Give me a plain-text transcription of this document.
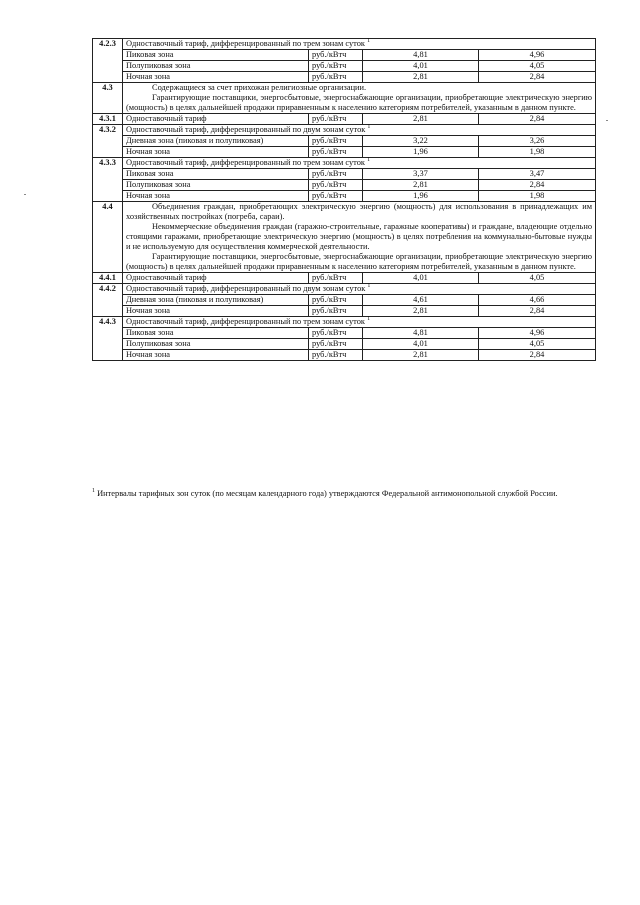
4.2.3	Одноставочный тариф, дифференцированный по трем зонам суток $^1$
	Пиковая зона	руб./кВтч	4,81	4,96
	Полупиковая зона	руб./кВтч	4,01	4,05
	Ночная зона	руб./кВтч	2,81	2,84
4.3	Содержащиеся за счет прихожан религиозные организации.

Гарантирующие поставщики, энергосбытовые, энергоснабжающие организации, приобретающие электрическую энергию (мощность) в целях дальнейшей продажи приравненным к населению категориям потребителей, указанным в данном пункте.			

4.3.1	Одноставочный тариф	руб./кВтч	2,81	2,84
4.3.2	Одноставочный тариф, дифференцированный по двум зонам суток $^1$
	Дневная зона (пиковая и полупиковая)	руб./кВтч	3,22	3,26
	Ночная зона	руб./кВтч	1,96	1,98
4.3.3	Одноставочный тариф, дифференцированный по трем зонам суток $^1$
	Пиковая зона	руб./кВтч	3,37	3,47
	Полупиковая зона	руб./кВтч	2,81	2,84
	Ночная зона	руб./кВтч	1,96	1,98
4.4	Объединения граждан, приобретающих электрическую энергию (мощность) для использования в принадлежащих им хозяйственных постройках (погреба, сараи).

Некоммерческие объединения граждан (гаражно-строительные, гаражные кооперативы) и граждане, владеющие отдельно стоящими гаражами, приобретающие электрическую энергию (мощность) в целях потребления на коммунально-бытовые нужды и не используемую для осуществления коммерческой деятельности.

Гарантирующие поставщики, энергосбытовые, энергоснабжающие организации, приобретающие электрическую энергию (мощность) в целях дальнейшей продажи приравненным к населению категориям потребителей, указанным в данном пункте.			

4.4.1	Одноставочный тариф	руб./кВтч	4,01	4,05
4.4.2	Одноставочный тариф, дифференцированный по двум зонам суток $^1$
	Дневная зона (пиковая и полупиковая)	руб./кВтч	4,61	4,66
	Ночная зона	руб./кВтч	2,81	2,84
4.4.3	Одноставочный тариф, дифференцированный по трем зонам суток $^1$
	Пиковая зона	руб./кВтч	4,81	4,96
	Полупиковая зона	руб./кВтч	4,01	4,05
	Ночная зона	руб./кВтч	2,81	2,84
$^1$ Интервалы тарифных зон суток (по месяцам календарного года) утверждаются Федеральной антимонопольной службой России.
